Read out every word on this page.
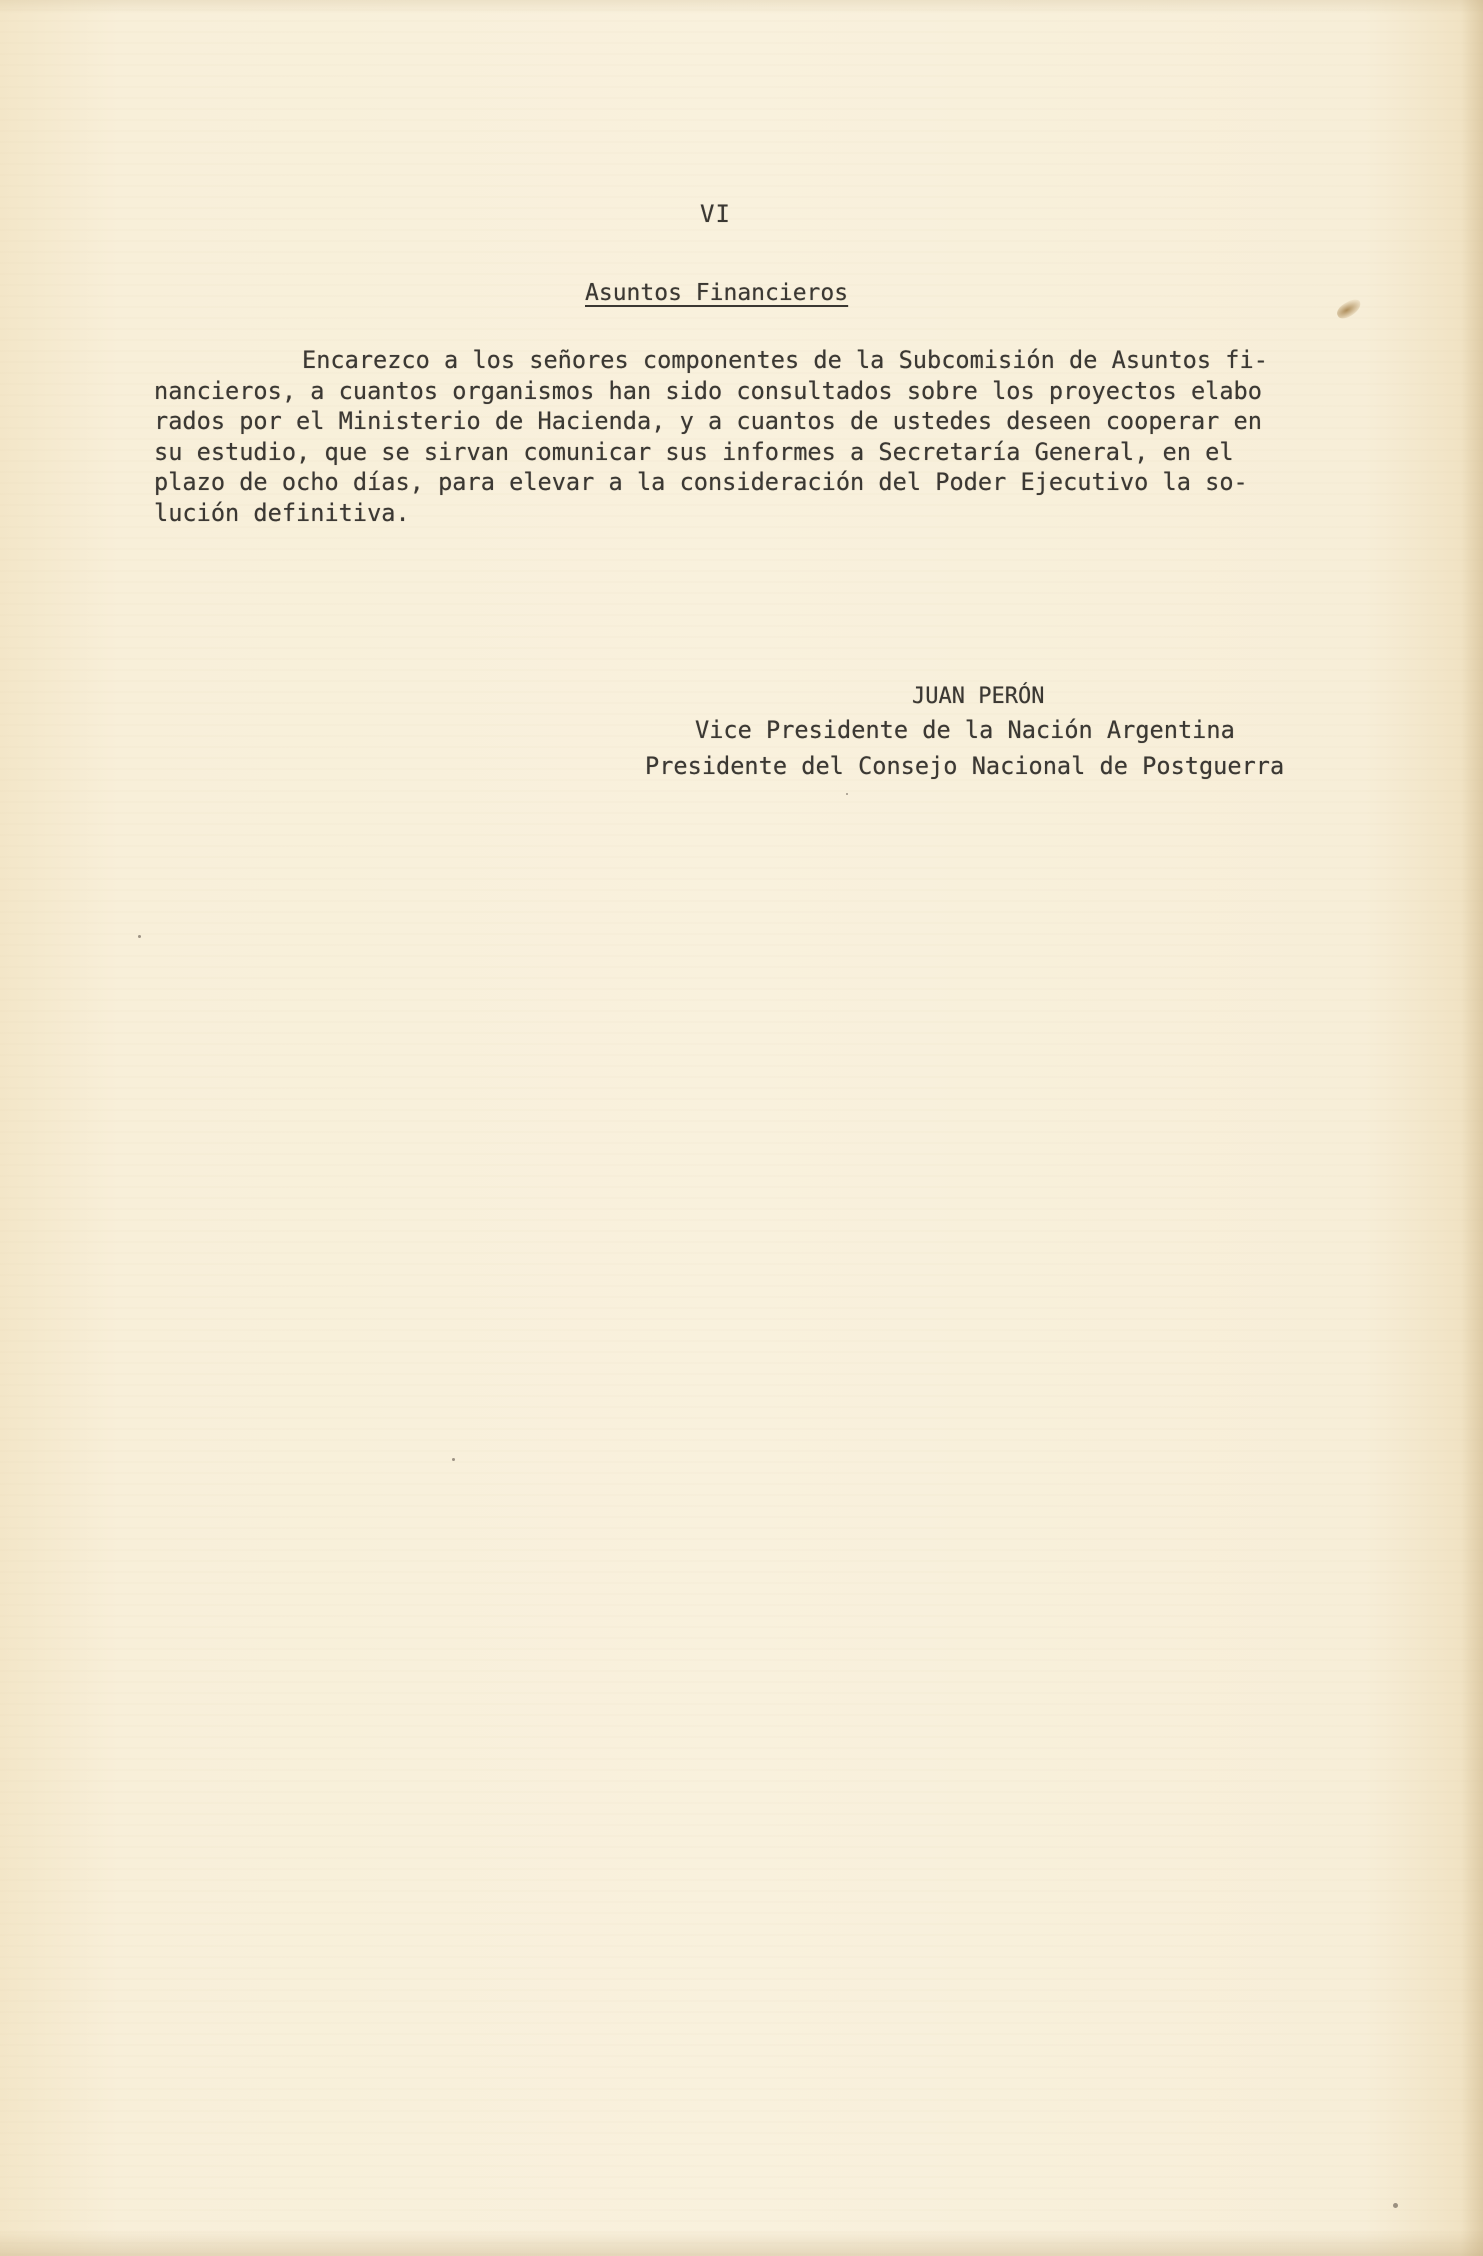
VI
Asuntos Financieros
Encarezco a los señores componentes de la Subcomisión de Asuntos fi-
nancieros, a cuantos organismos han sido consultados sobre los proyectos elabo
rados por el Ministerio de Hacienda, y a cuantos de ustedes deseen cooperar en
su estudio, que se sirvan comunicar sus informes a Secretaría General, en el
plazo de ocho días, para elevar a la consideración del Poder Ejecutivo la so-
lución definitiva.
JUAN PERÓN
Vice Presidente de la Nación Argentina
Presidente del Consejo Nacional de Postguerra
